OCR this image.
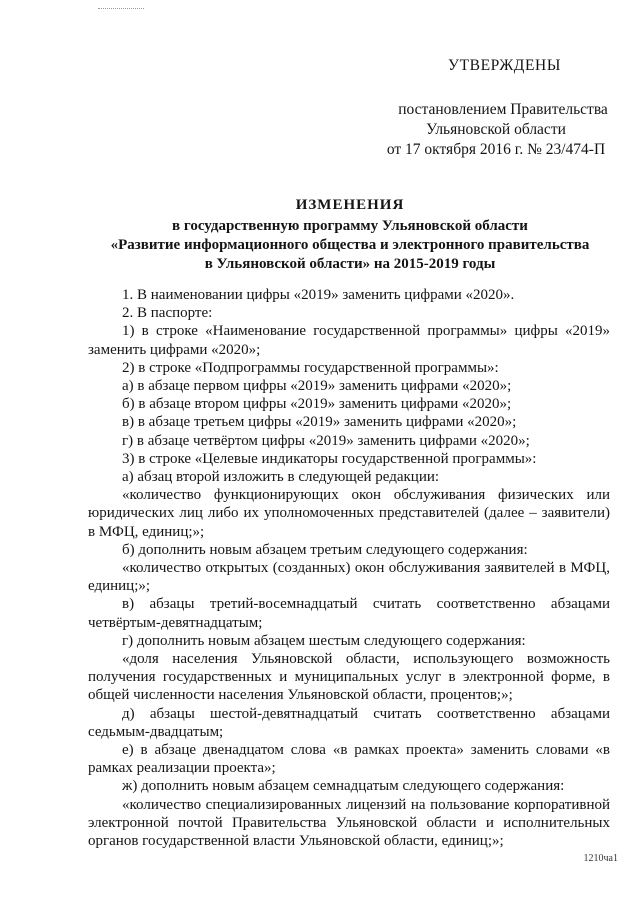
УТВЕРЖДЕНЫ
постановлением Правительства
Ульяновской области
от 17 октября 2016 г. № 23/474-П
ИЗМЕНЕНИЯ
в государственную программу Ульяновской области
«Развитие информационного общества и электронного правительства
в Ульяновской области» на 2015-2019 годы

1. В наименовании цифры «2019» заменить цифрами «2020».

2. В паспорте:

1) в строке «Наименование государственной программы» цифры «2019» заменить цифрами «2020»;

2) в строке «Подпрограммы государственной программы»:

а) в абзаце первом цифры «2019» заменить цифрами «2020»;

б) в абзаце втором цифры «2019» заменить цифрами «2020»;

в) в абзаце третьем цифры «2019» заменить цифрами «2020»;

г) в абзаце четвёртом цифры «2019» заменить цифрами «2020»;

3) в строке «Целевые индикаторы государственной программы»:

а) абзац второй изложить в следующей редакции:

«количество функционирующих окон обслуживания физических или юридических лиц либо их уполномоченных представителей (далее – заявители) в МФЦ, единиц;»;

б) дополнить новым абзацем третьим следующего содержания:

«количество открытых (созданных) окон обслуживания заявителей в МФЦ, единиц;»;

в) абзацы третий-восемнадцатый считать соответственно абзацами четвёртым-девятнадцатым;

г) дополнить новым абзацем шестым следующего содержания:

«доля населения Ульяновской области, использующего возможность получения государственных и муниципальных услуг в электронной форме, в общей численности населения Ульяновской области, процентов;»;

д) абзацы шестой-девятнадцатый считать соответственно абзацами седьмым-двадцатым;

е) в абзаце двенадцатом слова «в рамках проекта» заменить словами «в рамках реализации проекта»;

ж) дополнить новым абзацем семнадцатым следующего содержания:

«количество специализированных лицензий на пользование корпоративной электронной почтой Правительства Ульяновской области и исполнительных органов государственной власти Ульяновской области, единиц;»;

1210ча1
